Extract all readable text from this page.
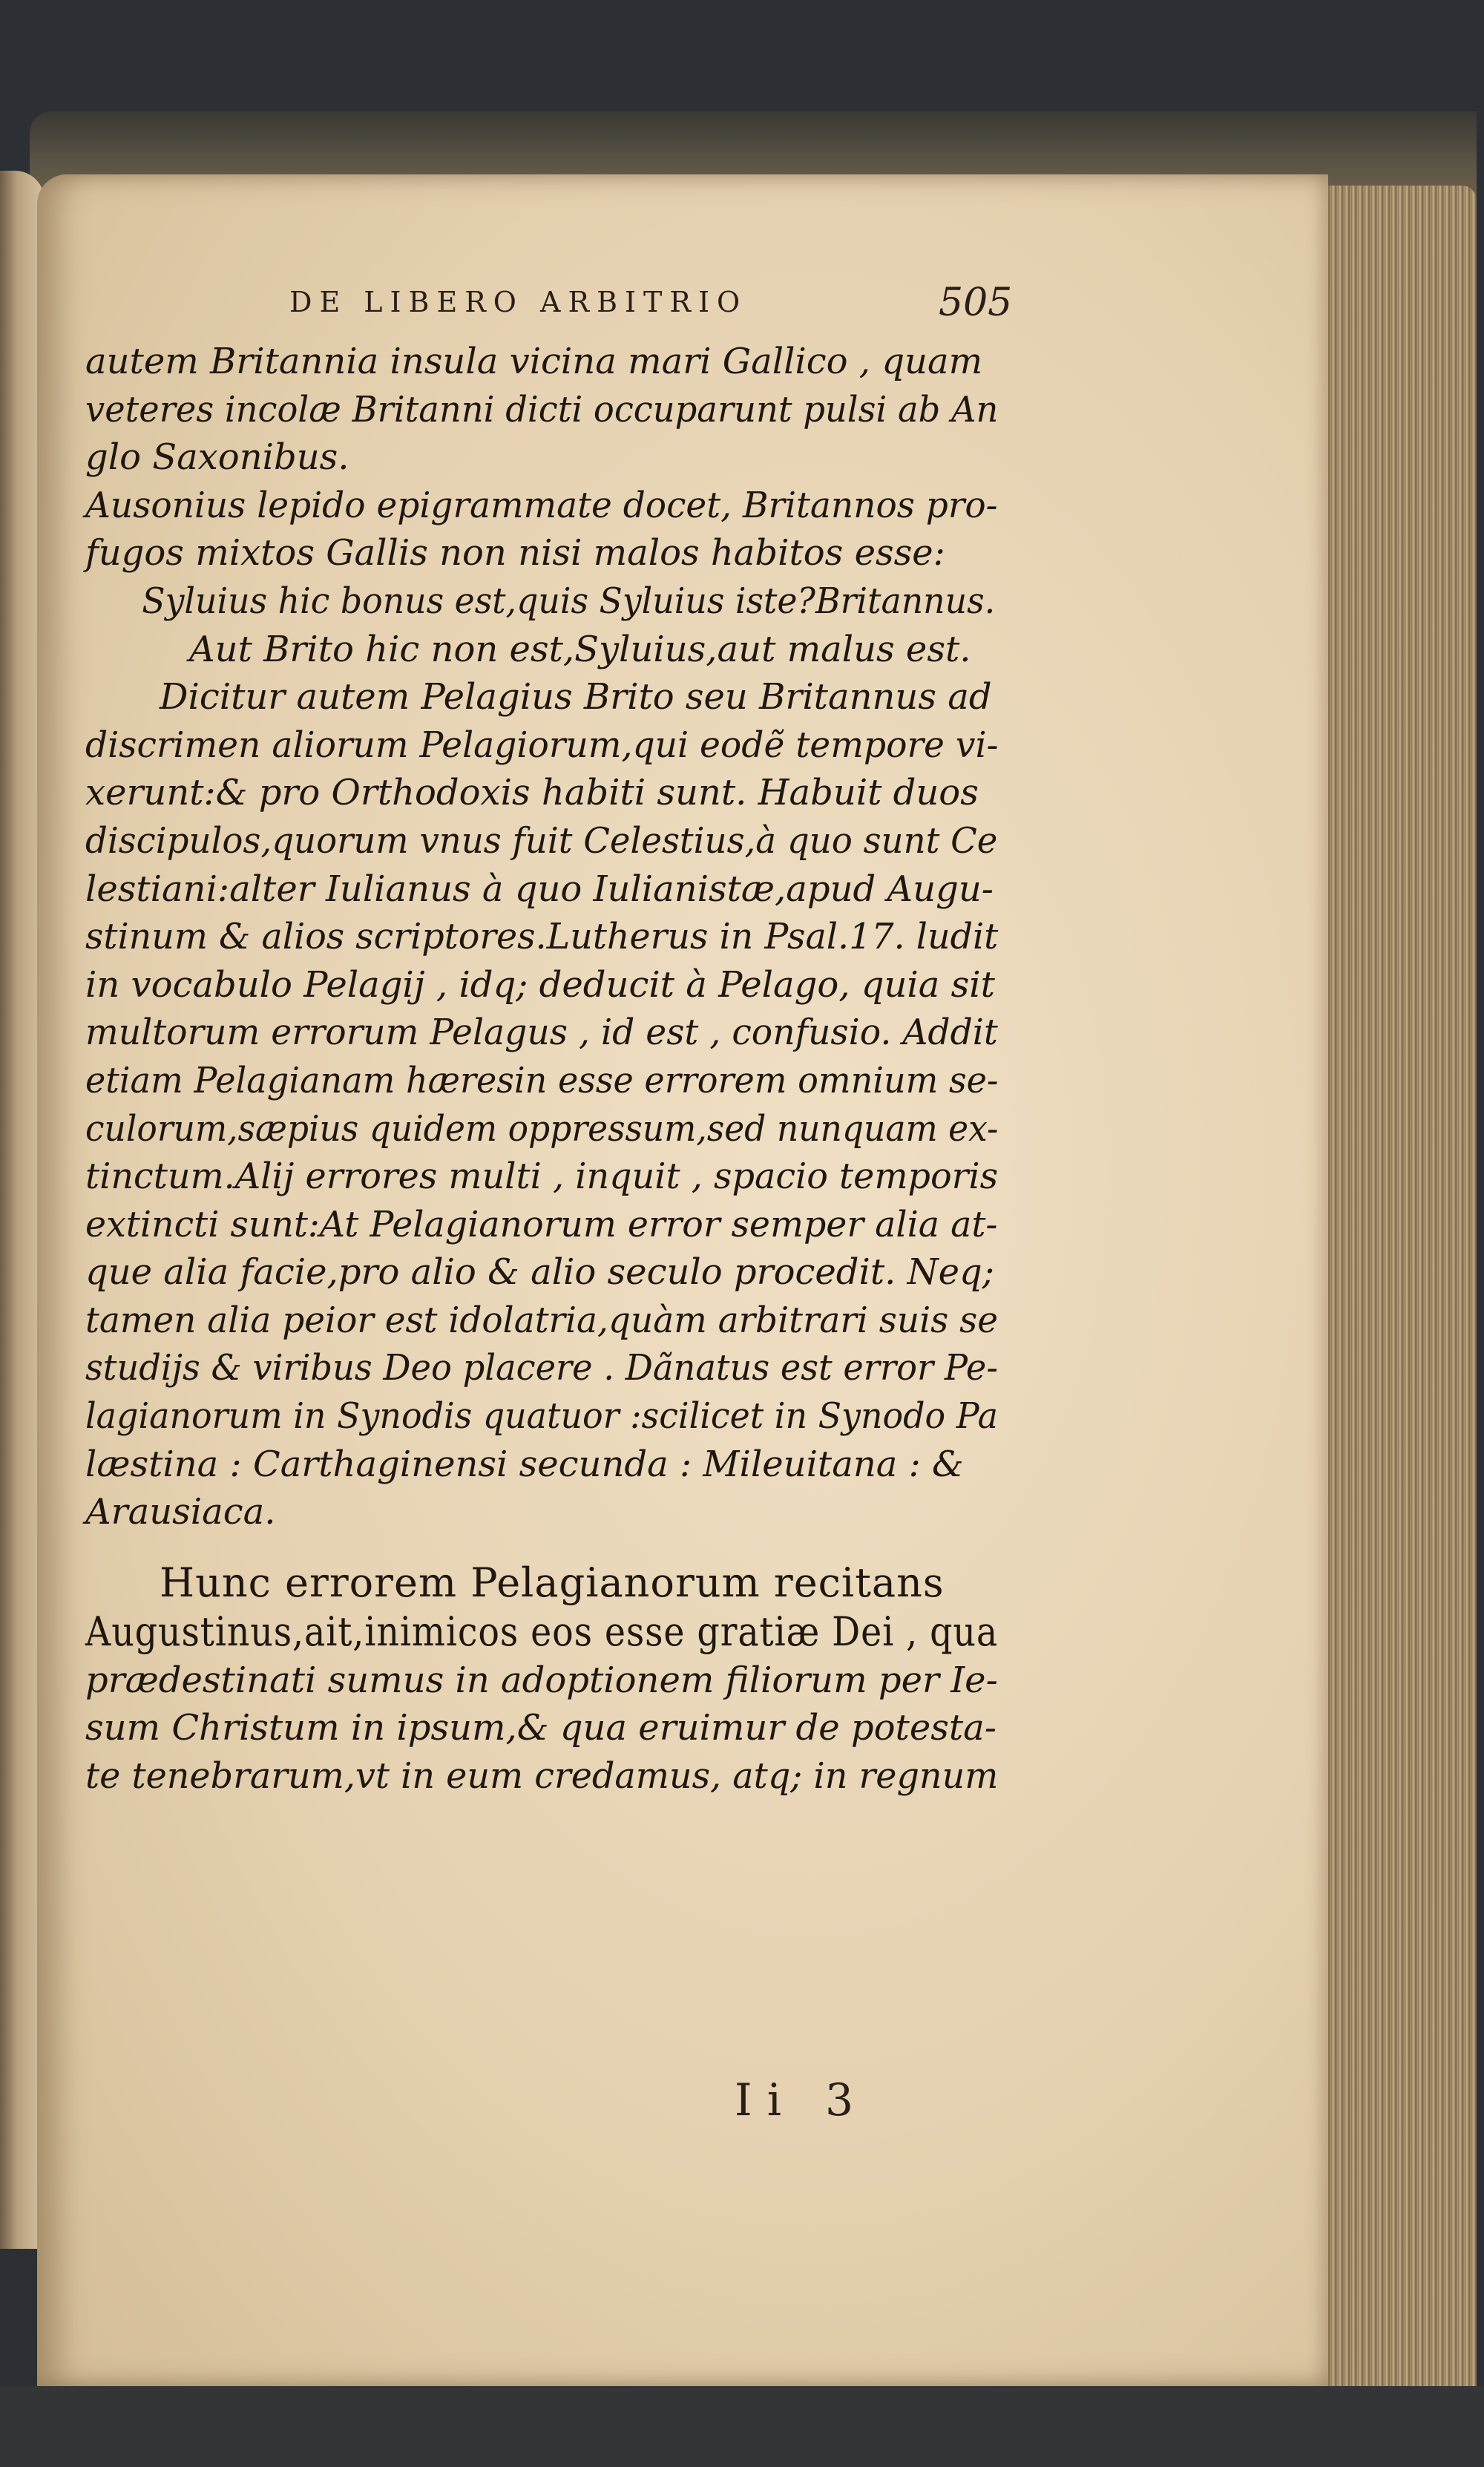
DE LIBERO ARBITRIO	505
autem Britannia insula vicina mari Gallico , quam
veteres incolæ Britanni dicti occuparunt pulsi ab An
glo Saxonibus.
Ausonius lepido epigrammate docet, Britannos pro-
fugos mixtos Gallis non nisi malos habitos esse:
Syluius hic bonus est,quis Syluius iste?Britannus.
Aut Brito hic non est,Syluius,aut malus est.
Dicitur autem Pelagius Brito seu Britannus ad
discrimen aliorum Pelagiorum,qui eodẽ tempore vi-
xerunt:& pro Orthodoxis habiti sunt. Habuit duos
discipulos,quorum vnus fuit Celestius,à quo sunt Ce
lestiani:alter Iulianus à quo Iulianistæ,apud Augu-
stinum & alios scriptores.Lutherus in Psal.17. ludit
in vocabulo Pelagij , idq; deducit à Pelago, quia sit
multorum errorum Pelagus , id est , confusio. Addit
etiam Pelagianam hæresin esse errorem omnium se-
culorum,sæpius quidem oppressum,sed nunquam ex-
tinctum.Alij errores multi , inquit , spacio temporis
extincti sunt:At Pelagianorum error semper alia at-
que alia facie,pro alio & alio seculo procedit. Neq;
tamen alia peior est idolatria,quàm arbitrari suis se
studijs & viribus Deo placere . Dãnatus est error Pe-
lagianorum in Synodis quatuor :scilicet in Synodo Pa
læstina : Carthaginensi secunda : Mileuitana : &
Arausiaca.
Hunc errorem Pelagianorum recitans
Augustinus,ait,inimicos eos esse gratiæ Dei , qua
prædestinati sumus in adoptionem filiorum per Ie-
sum Christum in ipsum,& qua eruimur de potesta-
te tenebrarum,vt in eum credamus, atq; in regnum
Ii 3
